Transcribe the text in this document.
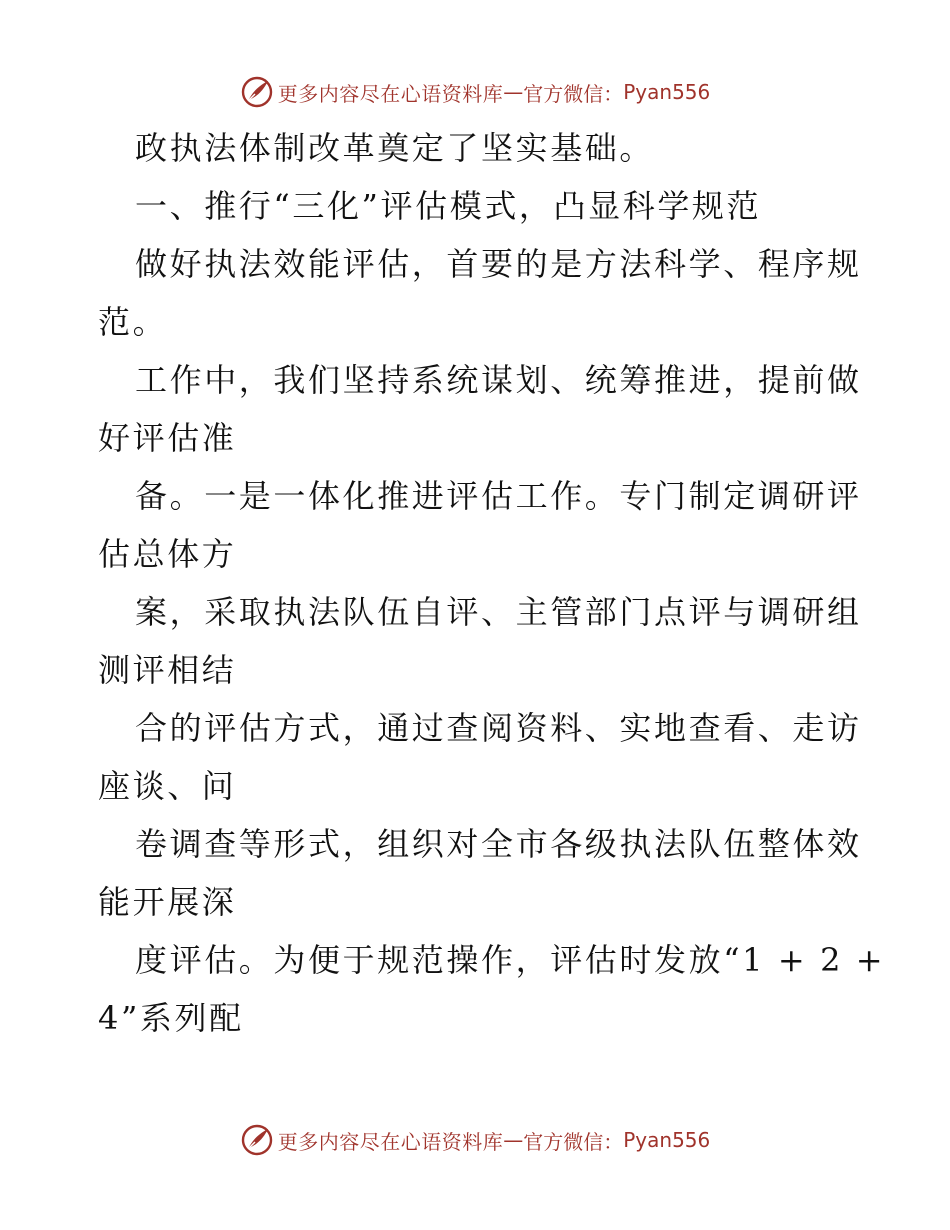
更多内容尽在心语资料库 — 官方微信： Pyan556
政执法体制改革奠定了坚实基础。
一、推行“三化”评估模式，凸显科学规范
做好执法效能评估，首要的是方法科学、程序规
范。
工作中，我们坚持系统谋划、统筹推进，提前做
好评估准
备。一是一体化推进评估工作。专门制定调研评
估总体方
案，采取执法队伍自评、主管部门点评与调研组
测评相结
合的评估方式，通过查阅资料、实地查看、走访
座谈、问
卷调查等形式，组织对全市各级执法队伍整体效
能开展深
度评估。为便于规范操作，评估时发放“1 + 2 +
4”系列配
更多内容尽在心语资料库 — 官方微信： Pyan556
